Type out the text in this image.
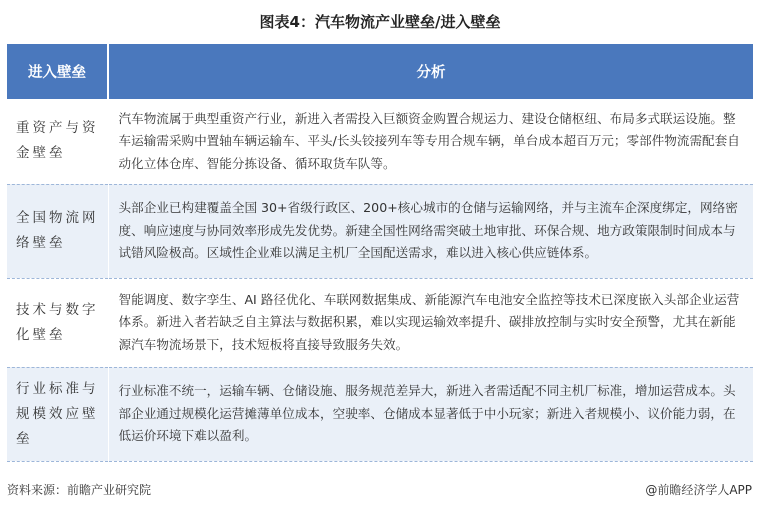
图表4：汽车物流产业壁垒/进入壁垒
进入壁垒	分析
重资产与资金壁垒	汽车物流属于典型重资产行业，新进入者需投入巨额资金购置合规运力、建设仓储枢纽、布局多式联运设施。整车运输需采购中置轴车辆运输车、平头/长头铰接列车等专用合规车辆，单台成本超百万元；零部件物流需配套自动化立体仓库、智能分拣设备、循环取货车队等。
全国物流网络壁垒	头部企业已构建覆盖全国 30+省级行政区、200+核心城市的仓储与运输网络，并与主流车企深度绑定，网络密度、响应速度与协同效率形成先发优势。新建全国性网络需突破土地审批、环保合规、地方政策限制时间成本与试错风险极高。区域性企业难以满足主机厂全国配送需求，难以进入核心供应链体系。
技术与数字化壁垒	智能调度、数字孪生、AI 路径优化、车联网数据集成、新能源汽车电池安全监控等技术已深度嵌入头部企业运营体系。新进入者若缺乏自主算法与数据积累，难以实现运输效率提升、碳排放控制与实时安全预警，尤其在新能源汽车物流场景下，技术短板将直接导致服务失效。
行业标准与规模效应壁垒	行业标准不统一，运输车辆、仓储设施、服务规范差异大，新进入者需适配不同主机厂标准，增加运营成本。头部企业通过规模化运营摊薄单位成本，空驶率、仓储成本显著低于中小玩家；新进入者规模小、议价能力弱，在低运价环境下难以盈利。
资料来源：前瞻产业研究院	@前瞻经济学人APP
